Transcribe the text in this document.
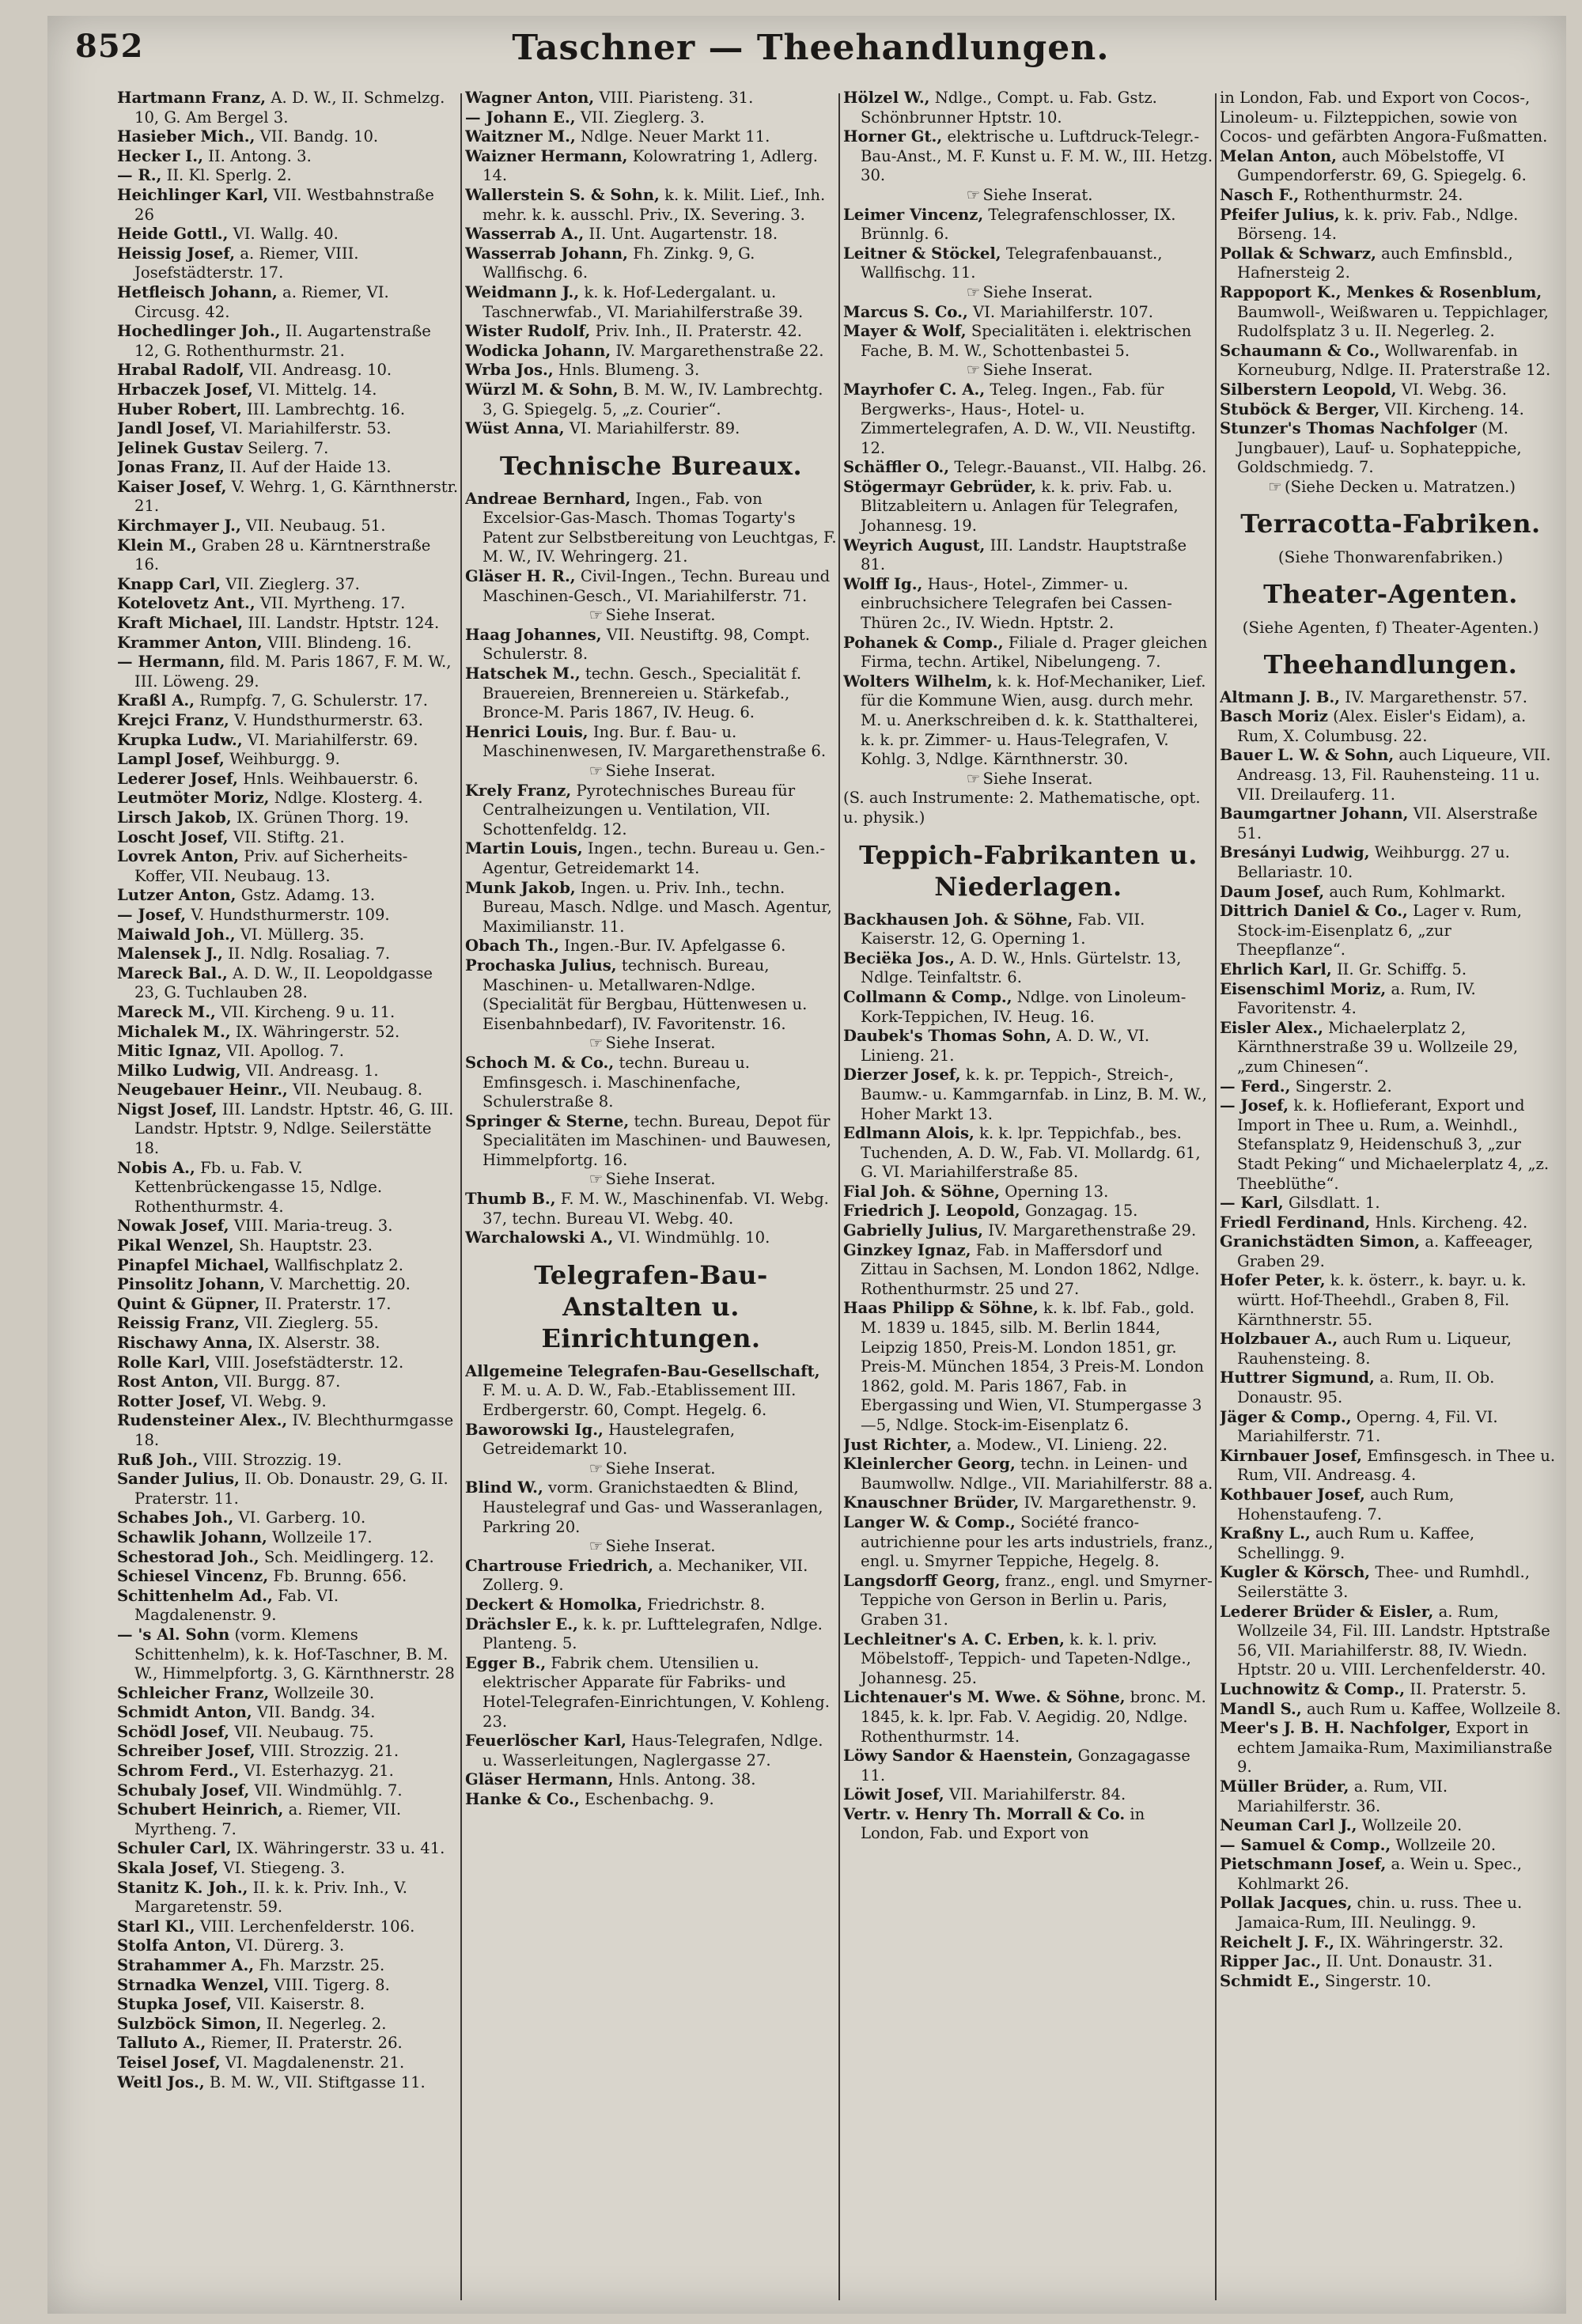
852	Taschner — Theehandlungen.

Hartmann Franz, A. D. W., II. Schmelzg. 10, G. Am Bergel 3.

Hasieber Mich., VII. Bandg. 10.

Hecker I., II. Antong. 3.

— R., II. Kl. Sperlg. 2.

Heichlinger Karl, VII. Westbahnstraße 26

Heide Gottl., VI. Wallg. 40.

Heissig Josef, a. Riemer, VIII. Josefstädterstr. 17.

Hetfleisch Johann, a. Riemer, VI. Circusg. 42.

Hochedlinger Joh., II. Augartenstraße 12, G. Rothenthurmstr. 21.

Hrabal Radolf, VII. Andreasg. 10.

Hrbaczek Josef, VI. Mittelg. 14.

Huber Robert, III. Lambrechtg. 16.

Jandl Josef, VI. Mariahilferstr. 53.

Jelinek Gustav Seilerg. 7.

Jonas Franz, II. Auf der Haide 13.

Kaiser Josef, V. Wehrg. 1, G. Kärnthnerstr. 21.

Kirchmayer J., VII. Neubaug. 51.

Klein M., Graben 28 u. Kärntnerstraße 16.

Knapp Carl, VII. Zieglerg. 37.

Kotelovetz Ant., VII. Myrtheng. 17.

Kraft Michael, III. Landstr. Hptstr. 124.

Krammer Anton, VIII. Blindeng. 16.

— Hermann, fild. M. Paris 1867, F. M. W., III. Löweng. 29.

Kraßl A., Rumpfg. 7, G. Schulerstr. 17.

Krejci Franz, V. Hundsthurmerstr. 63.

Krupka Ludw., VI. Mariahilferstr. 69.

Lampl Josef, Weihburgg. 9.

Lederer Josef, Hnls. Weihbauerstr. 6.

Leutmöter Moriz, Ndlge. Klosterg. 4.

Lirsch Jakob, IX. Grünen Thorg. 19.

Loscht Josef, VII. Stiftg. 21.

Lovrek Anton, Priv. auf Sicherheits-Koffer, VII. Neubaug. 13.

Lutzer Anton, Gstz. Adamg. 13.

— Josef, V. Hundsthurmerstr. 109.

Maiwald Joh., VI. Müllerg. 35.

Malensek J., II. Ndlg. Rosaliag. 7.

Mareck Bal., A. D. W., II. Leopoldgasse 23, G. Tuchlauben 28.

Mareck M., VII. Kircheng. 9 u. 11.

Michalek M., IX. Währingerstr. 52.

Mitic Ignaz, VII. Apollog. 7.

Milko Ludwig, VII. Andreasg. 1.

Neugebauer Heinr., VII. Neubaug. 8.

Nigst Josef, III. Landstr. Hptstr. 46, G. III. Landstr. Hptstr. 9, Ndlge. Seilerstätte 18.

Nobis A., Fb. u. Fab. V. Kettenbrückengasse 15, Ndlge. Rothenthurmstr. 4.

Nowak Josef, VIII. Maria-treug. 3.

Pikal Wenzel, Sh. Hauptstr. 23.

Pinapfel Michael, Wallfischplatz 2.

Pinsolitz Johann, V. Marchettig. 20.

Quint & Güpner, II. Praterstr. 17.

Reissig Franz, VII. Zieglerg. 55.

Rischawy Anna, IX. Alserstr. 38.

Rolle Karl, VIII. Josefstädterstr. 12.

Rost Anton, VII. Burgg. 87.

Rotter Josef, VI. Webg. 9.

Rudensteiner Alex., IV. Blechthurmgasse 18.

Ruß Joh., VIII. Strozzig. 19.

Sander Julius, II. Ob. Donaustr. 29, G. II. Praterstr. 11.

Schabes Joh., VI. Garberg. 10.

Schawlik Johann, Wollzeile 17.

Schestorad Joh., Sch. Meidlingerg. 12.

Schiesel Vincenz, Fb. Brunng. 656.

Schittenhelm Ad., Fab. VI. Magdalenenstr. 9.

— 's Al. Sohn (vorm. Klemens Schittenhelm), k. k. Hof-Taschner, B. M. W., Himmelpfortg. 3, G. Kärnthnerstr. 28

Schleicher Franz, Wollzeile 30.

Schmidt Anton, VII. Bandg. 34.

Schödl Josef, VII. Neubaug. 75.

Schreiber Josef, VIII. Strozzig. 21.

Schrom Ferd., VI. Esterhazyg. 21.

Schubaly Josef, VII. Windmühlg. 7.

Schubert Heinrich, a. Riemer, VII. Myrtheng. 7.

Schuler Carl, IX. Währingerstr. 33 u. 41.

Skala Josef, VI. Stiegeng. 3.

Stanitz K. Joh., II. k. k. Priv. Inh., V. Margaretenstr. 59.

Starl Kl., VIII. Lerchenfelderstr. 106.

Stolfa Anton, VI. Dürerg. 3.

Strahammer A., Fh. Marzstr. 25.

Strnadka Wenzel, VIII. Tigerg. 8.

Stupka Josef, VII. Kaiserstr. 8.

Sulzböck Simon, II. Negerleg. 2.

Talluto A., Riemer, II. Praterstr. 26.

Teisel Josef, VI. Magdalenenstr. 21.

Weitl Jos., B. M. W., VII. Stiftgasse 11.

Wagner Anton, VIII. Piaristeng. 31.

— Johann E., VII. Zieglerg. 3.

Waitzner M., Ndlge. Neuer Markt 11.

Waizner Hermann, Kolowratring 1, Adlerg. 14.

Wallerstein S. & Sohn, k. k. Milit. Lief., Inh. mehr. k. k. ausschl. Priv., IX. Severing. 3.

Wasserrab A., II. Unt. Augartenstr. 18.

Wasserrab Johann, Fh. Zinkg. 9, G. Wallfischg. 6.

Weidmann J., k. k. Hof-Ledergalant. u. Taschnerwfab., VI. Mariahilferstraße 39.

Wister Rudolf, Priv. Inh., II. Praterstr. 42.

Wodicka Johann, IV. Margarethenstraße 22.

Wrba Jos., Hnls. Blumeng. 3.

Würzl M. & Sohn, B. M. W., IV. Lambrechtg. 3, G. Spiegelg. 5, „z. Courier“.

Wüst Anna, VI. Mariahilferstr. 89.

Technische Bureaux.

Andreae Bernhard, Ingen., Fab. von Excelsior-Gas-Masch. Thomas Togarty's Patent zur Selbstbereitung von Leuchtgas, F. M. W., IV. Wehringerg. 21.

Gläser H. R., Civil-Ingen., Techn. Bureau und Maschinen-Gesch., VI. Mariahilferstr. 71.

☞ Siehe Inserat.

Haag Johannes, VII. Neustiftg. 98, Compt. Schulerstr. 8.

Hatschek M., techn. Gesch., Specialität f. Brauereien, Brennereien u. Stärkefab., Bronce-M. Paris 1867, IV. Heug. 6.

Henrici Louis, Ing. Bur. f. Bau- u. Maschinenwesen, IV. Margarethenstraße 6.

☞ Siehe Inserat.

Krely Franz, Pyrotechnisches Bureau für Centralheizungen u. Ventilation, VII. Schottenfeldg. 12.

Martin Louis, Ingen., techn. Bureau u. Gen.-Agentur, Getreidemarkt 14.

Munk Jakob, Ingen. u. Priv. Inh., techn. Bureau, Masch. Ndlge. und Masch. Agentur, Maximilianstr. 11.

Obach Th., Ingen.-Bur. IV. Apfelgasse 6.

Prochaska Julius, technisch. Bureau, Maschinen- u. Metallwaren-Ndlge. (Specialität für Bergbau, Hüttenwesen u. Eisenbahnbedarf), IV. Favoritenstr. 16.

☞ Siehe Inserat.

Schoch M. & Co., techn. Bureau u. Emfinsgesch. i. Maschinenfache, Schulerstraße 8.

Springer & Sterne, techn. Bureau, Depot für Specialitäten im Maschinen- und Bauwesen, Himmelpfortg. 16.

☞ Siehe Inserat.

Thumb B., F. M. W., Maschinenfab. VI. Webg. 37, techn. Bureau VI. Webg. 40.

Warchalowski A., VI. Windmühlg. 10.

Telegrafen-Bau-Anstalten u. Einrichtungen.

Allgemeine Telegrafen-Bau-Gesellschaft, F. M. u. A. D. W., Fab.-Etablissement III. Erdbergerstr. 60, Compt. Hegelg. 6.

Baworowski Ig., Haustelegrafen, Getreidemarkt 10.

☞ Siehe Inserat.

Blind W., vorm. Granichstaedten & Blind, Haustelegraf und Gas- und Wasseranlagen, Parkring 20.

☞ Siehe Inserat.

Chartrouse Friedrich, a. Mechaniker, VII. Zollerg. 9.

Deckert & Homolka, Friedrichstr. 8.

Drächsler E., k. k. pr. Lufttelegrafen, Ndlge. Planteng. 5.

Egger B., Fabrik chem. Utensilien u. elektrischer Apparate für Fabriks- und Hotel-Telegrafen-Einrichtungen, V. Kohleng. 23.

Feuerlöscher Karl, Haus-Telegrafen, Ndlge. u. Wasserleitungen, Naglergasse 27.

Gläser Hermann, Hnls. Antong. 38.

Hanke & Co., Eschenbachg. 9.

Hölzel W., Ndlge., Compt. u. Fab. Gstz. Schönbrunner Hptstr. 10.

Horner Gt., elektrische u. Luftdruck-Telegr.-Bau-Anst., M. F. Kunst u. F. M. W., III. Hetzg. 30.

☞ Siehe Inserat.

Leimer Vincenz, Telegrafenschlosser, IX. Brünnlg. 6.

Leitner & Stöckel, Telegrafenbauanst., Wallfischg. 11.

☞ Siehe Inserat.

Marcus S. Co., VI. Mariahilferstr. 107.

Mayer & Wolf, Specialitäten i. elektrischen Fache, B. M. W., Schottenbastei 5.

☞ Siehe Inserat.

Mayrhofer C. A., Teleg. Ingen., Fab. für Bergwerks-, Haus-, Hotel- u. Zimmertelegrafen, A. D. W., VII. Neustiftg. 12.

Schäffler O., Telegr.-Bauanst., VII. Halbg. 26.

Stögermayr Gebrüder, k. k. priv. Fab. u. Blitzableitern u. Anlagen für Telegrafen, Johannesg. 19.

Weyrich August, III. Landstr. Hauptstraße 81.

Wolff Ig., Haus-, Hotel-, Zimmer- u. einbruchsichere Telegrafen bei Cassen-Thüren 2c., IV. Wiedn. Hptstr. 2.

Pohanek & Comp., Filiale d. Prager gleichen Firma, techn. Artikel, Nibelungeng. 7.

Wolters Wilhelm, k. k. Hof-Mechaniker, Lief. für die Kommune Wien, ausg. durch mehr. M. u. Anerkschreiben d. k. k. Statthalterei, k. k. pr. Zimmer- u. Haus-Telegrafen, V. Kohlg. 3, Ndlge. Kärnthnerstr. 30.

☞ Siehe Inserat.

(S. auch Instrumente: 2. Mathematische, opt. u. physik.)

Teppich-Fabrikanten u. Niederlagen.

Backhausen Joh. & Söhne, Fab. VII. Kaiserstr. 12, G. Operning 1.

Beciëka Jos., A. D. W., Hnls. Gürtelstr. 13, Ndlge. Teinfaltstr. 6.

Collmann & Comp., Ndlge. von Linoleum-Kork-Teppichen, IV. Heug. 16.

Daubek's Thomas Sohn, A. D. W., VI. Linieng. 21.

Dierzer Josef, k. k. pr. Teppich-, Streich-, Baumw.- u. Kammgarnfab. in Linz, B. M. W., Hoher Markt 13.

Edlmann Alois, k. k. lpr. Teppichfab., bes. Tuchenden, A. D. W., Fab. VI. Mollardg. 61, G. VI. Mariahilferstraße 85.

Fial Joh. & Söhne, Operning 13.

Friedrich J. Leopold, Gonzagag. 15.

Gabrielly Julius, IV. Margarethenstraße 29.

Ginzkey Ignaz, Fab. in Maffersdorf und Zittau in Sachsen, M. London 1862, Ndlge. Rothenthurmstr. 25 und 27.

Haas Philipp & Söhne, k. k. lbf. Fab., gold. M. 1839 u. 1845, silb. M. Berlin 1844, Leipzig 1850, Preis-M. London 1851, gr. Preis-M. München 1854, 3 Preis-M. London 1862, gold. M. Paris 1867, Fab. in Ebergassing und Wien, VI. Stumpergasse 3—5, Ndlge. Stock-im-Eisenplatz 6.

Just Richter, a. Modew., VI. Linieng. 22.

Kleinlercher Georg, techn. in Leinen- und Baumwollw. Ndlge., VII. Mariahilferstr. 88 a.

Knauschner Brüder, IV. Margarethenstr. 9.

Langer W. & Comp., Société franco-autrichienne pour les arts industriels, franz., engl. u. Smyrner Teppiche, Hegelg. 8.

Langsdorff Georg, franz., engl. und Smyrner-Teppiche von Gerson in Berlin u. Paris, Graben 31.

Lechleitner's A. C. Erben, k. k. l. priv. Möbelstoff-, Teppich- und Tapeten-Ndlge., Johannesg. 25.

Lichtenauer's M. Wwe. & Söhne, bronc. M. 1845, k. k. lpr. Fab. V. Aegidig. 20, Ndlge. Rothenthurmstr. 14.

Löwy Sandor & Haenstein, Gonzagagasse 11.

Löwit Josef, VII. Mariahilferstr. 84.

Vertr. v. Henry Th. Morrall & Co. in London, Fab. und Export von

in London, Fab. und Export von Cocos-, Linoleum- u. Filzteppichen, sowie von Cocos- und gefärbten Angora-Fußmatten.

Melan Anton, auch Möbelstoffe, VI Gumpendorferstr. 69, G. Spiegelg. 6.

Nasch F., Rothenthurmstr. 24.

Pfeifer Julius, k. k. priv. Fab., Ndlge. Börseng. 14.

Pollak & Schwarz, auch Emfinsbld., Hafnersteig 2.

Rappoport K., Menkes & Rosenblum, Baumwoll-, Weißwaren u. Teppichlager, Rudolfsplatz 3 u. II. Negerleg. 2.

Schaumann & Co., Wollwarenfab. in Korneuburg, Ndlge. II. Praterstraße 12.

Silberstern Leopold, VI. Webg. 36.

Stuböck & Berger, VII. Kircheng. 14.

Stunzer's Thomas Nachfolger (M. Jungbauer), Lauf- u. Sophateppiche, Goldschmiedg. 7.

☞ (Siehe Decken u. Matratzen.)

Terracotta-Fabriken.

(Siehe Thonwarenfabriken.)

Theater-Agenten.

(Siehe Agenten, f) Theater-Agenten.)

Theehandlungen.

Altmann J. B., IV. Margarethenstr. 57.

Basch Moriz (Alex. Eisler's Eidam), a. Rum, X. Columbusg. 22.

Bauer L. W. & Sohn, auch Liqueure, VII. Andreasg. 13, Fil. Rauhensteing. 11 u. VII. Dreilauferg. 11.

Baumgartner Johann, VII. Alserstraße 51.

Bresányi Ludwig, Weihburgg. 27 u. Bellariastr. 10.

Daum Josef, auch Rum, Kohlmarkt.

Dittrich Daniel & Co., Lager v. Rum, Stock-im-Eisenplatz 6, „zur Theepflanze“.

Ehrlich Karl, II. Gr. Schiffg. 5.

Eisenschiml Moriz, a. Rum, IV. Favoritenstr. 4.

Eisler Alex., Michaelerplatz 2, Kärnthnerstraße 39 u. Wollzeile 29, „zum Chinesen“.

— Ferd., Singerstr. 2.

— Josef, k. k. Hoflieferant, Export und Import in Thee u. Rum, a. Weinhdl., Stefansplatz 9, Heidenschuß 3, „zur Stadt Peking“ und Michaelerplatz 4, „z. Theeblüthe“.

— Karl, Gilsdlatt. 1.

Friedl Ferdinand, Hnls. Kircheng. 42.

Granichstädten Simon, a. Kaffeeager, Graben 29.

Hofer Peter, k. k. österr., k. bayr. u. k. württ. Hof-Theehdl., Graben 8, Fil. Kärnthnerstr. 55.

Holzbauer A., auch Rum u. Liqueur, Rauhensteing. 8.

Huttrer Sigmund, a. Rum, II. Ob. Donaustr. 95.

Jäger & Comp., Operng. 4, Fil. VI. Mariahilferstr. 71.

Kirnbauer Josef, Emfinsgesch. in Thee u. Rum, VII. Andreasg. 4.

Kothbauer Josef, auch Rum, Hohenstaufeng. 7.

Kraßny L., auch Rum u. Kaffee, Schellingg. 9.

Kugler & Körsch, Thee- und Rumhdl., Seilerstätte 3.

Lederer Brüder & Eisler, a. Rum, Wollzeile 34, Fil. III. Landstr. Hptstraße 56, VII. Mariahilferstr. 88, IV. Wiedn. Hptstr. 20 u. VIII. Lerchenfelderstr. 40.

Luchnowitz & Comp., II. Praterstr. 5.

Mandl S., auch Rum u. Kaffee, Wollzeile 8.

Meer's J. B. H. Nachfolger, Export in echtem Jamaika-Rum, Maximilianstraße 9.

Müller Brüder, a. Rum, VII. Mariahilferstr. 36.

Neuman Carl J., Wollzeile 20.

— Samuel & Comp., Wollzeile 20.

Pietschmann Josef, a. Wein u. Spec., Kohlmarkt 26.

Pollak Jacques, chin. u. russ. Thee u. Jamaica-Rum, III. Neulingg. 9.

Reichelt J. F., IX. Währingerstr. 32.

Ripper Jac., II. Unt. Donaustr. 31.

Schmidt E., Singerstr. 10.
